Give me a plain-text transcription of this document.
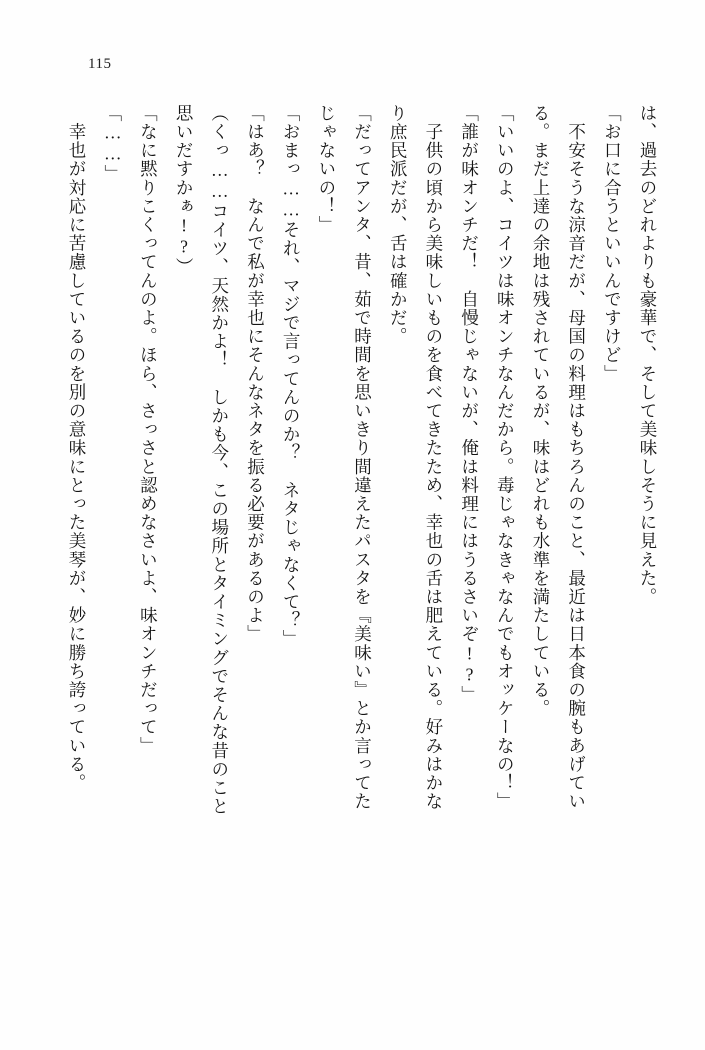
115

は、過去のどれよりも豪華で、そして美味しそうに見えた。

「お口に合うといいんですけど」

　不安そうな涼音だが、母国の料理はもちろんのこと、最近は日本食の腕もあげてい

る。まだ上達の余地は残されているが、味はどれも水準を満たしている。

「いいのよ、コイツは味オンチなんだから。毒じゃなきゃなんでもオッケーなの！」

「誰が味オンチだ！　自慢じゃないが、俺は料理にはうるさいぞ!?」

　子供の頃から美味しいものを食べてきたため、幸也の舌は肥えている。好みはかな

り庶民派だが、舌は確かだ。

「だってアンタ、昔、茹で時間を思いきり間違えたパスタを『美味い』とか言ってた

じゃないの！」

「おまっ……それ、マジで言ってんのか？　ネタじゃなくて？」

「はあ？　なんで私が幸也にそんなネタを振る必要があるのよ」

（くっ……コイツ、天然かよ！　しかも今、この場所とタイミングでそんな昔のこと

思いだすかぁ!?）

「なに黙りこくってんのよ。ほら、さっさと認めなさいよ、味オンチだって」

「……」

　幸也が対応に苦慮しているのを別の意味にとった美琴が、妙に勝ち誇っている。
